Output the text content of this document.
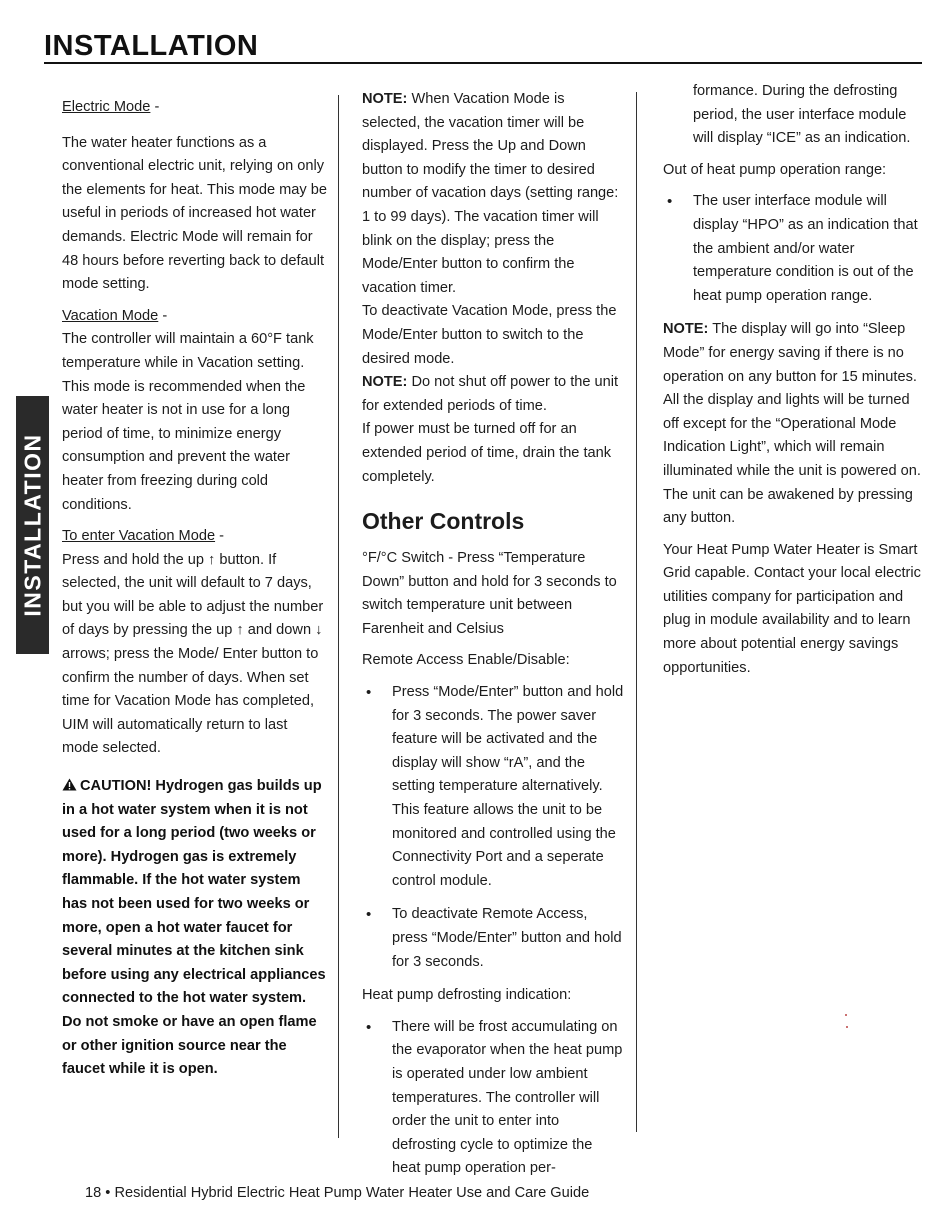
INSTALLATION
INSTALLATION

Electric Mode -

The water heater functions as a conventional electric unit, relying on only the elements for heat. This mode may be useful in periods of increased hot water demands. Electric Mode will remain for 48 hours before reverting back to default mode setting.

Vacation Mode -

The controller will maintain a 60°F tank temperature while in Vacation setting. This mode is recommended when the water heater is not in use for a long period of time, to minimize energy consumption and prevent the water heater from freezing during cold conditions.

To enter Vacation Mode -

Press and hold the up ↑ button. If selected, the unit will default to 7 days, but you will be able to adjust the number of days by pressing the up ↑ and down ↓ arrows; press the Mode/ Enter button to confirm the number of days. When set time for Vacation Mode has completed, UIM will automatically return to last mode selected.

CAUTION! Hydrogen gas builds up in a hot water system when it is not used for a long period (two weeks or more). Hydrogen gas is extremely flammable. If the hot water system has not been used for two weeks or more, open a hot water faucet for several minutes at the kitchen sink before using any electrical appliances connected to the hot water system. Do not smoke or have an open flame or other ignition source near the faucet while it is open.

NOTE: When Vacation Mode is selected, the vacation timer will be displayed. Press the Up and Down button to modify the timer to desired number of vacation days (setting range: 1 to 99 days). The vacation timer will blink on the display; press the Mode/Enter button to confirm the vacation timer.

To deactivate Vacation Mode, press the Mode/Enter button to switch to the desired mode.

NOTE: Do not shut off power to the unit for extended periods of time.

If power must be turned off for an extended period of time, drain the tank completely.

Other Controls

°F/°C Switch - Press “Temperature Down” button and hold for 3 seconds to switch temperature unit between Farenheit and Celsius

Remote Access Enable/Disable:

• Press “Mode/Enter” button and hold for 3 seconds. The power saver feature will be activated and the display will show “rA”, and the setting temperature alternatively. This feature allows the unit to be monitored and controlled using the Connectivity Port and a seperate control module.
• To deactivate Remote Access, press “Mode/Enter” button and hold for 3 seconds.

Heat pump defrosting indication:

• There will be frost accumulating on the evaporator when the heat pump is operated under low ambient temperatures. The controller will order the unit to enter into defrosting cycle to optimize the heat pump operation per-

formance. During the defrosting period, the user interface module will display “ICE” as an indication.

Out of heat pump operation range:

• The user interface module will display “HPO” as an indication that the ambient and/or water temperature condition is out of the heat pump operation range.

NOTE: The display will go into “Sleep Mode” for energy saving if there is no operation on any button for 15 minutes. All the display and lights will be turned off except for the “Operational Mode Indication Light”, which will remain illuminated while the unit is powered on. The unit can be awakened by pressing any button.

Your Heat Pump Water Heater is Smart Grid capable. Contact your local electric utilities company for participation and plug in module availability and to learn more about potential energy savings opportunities.

18 • Residential Hybrid Electric Heat Pump Water Heater Use and Care Guide
